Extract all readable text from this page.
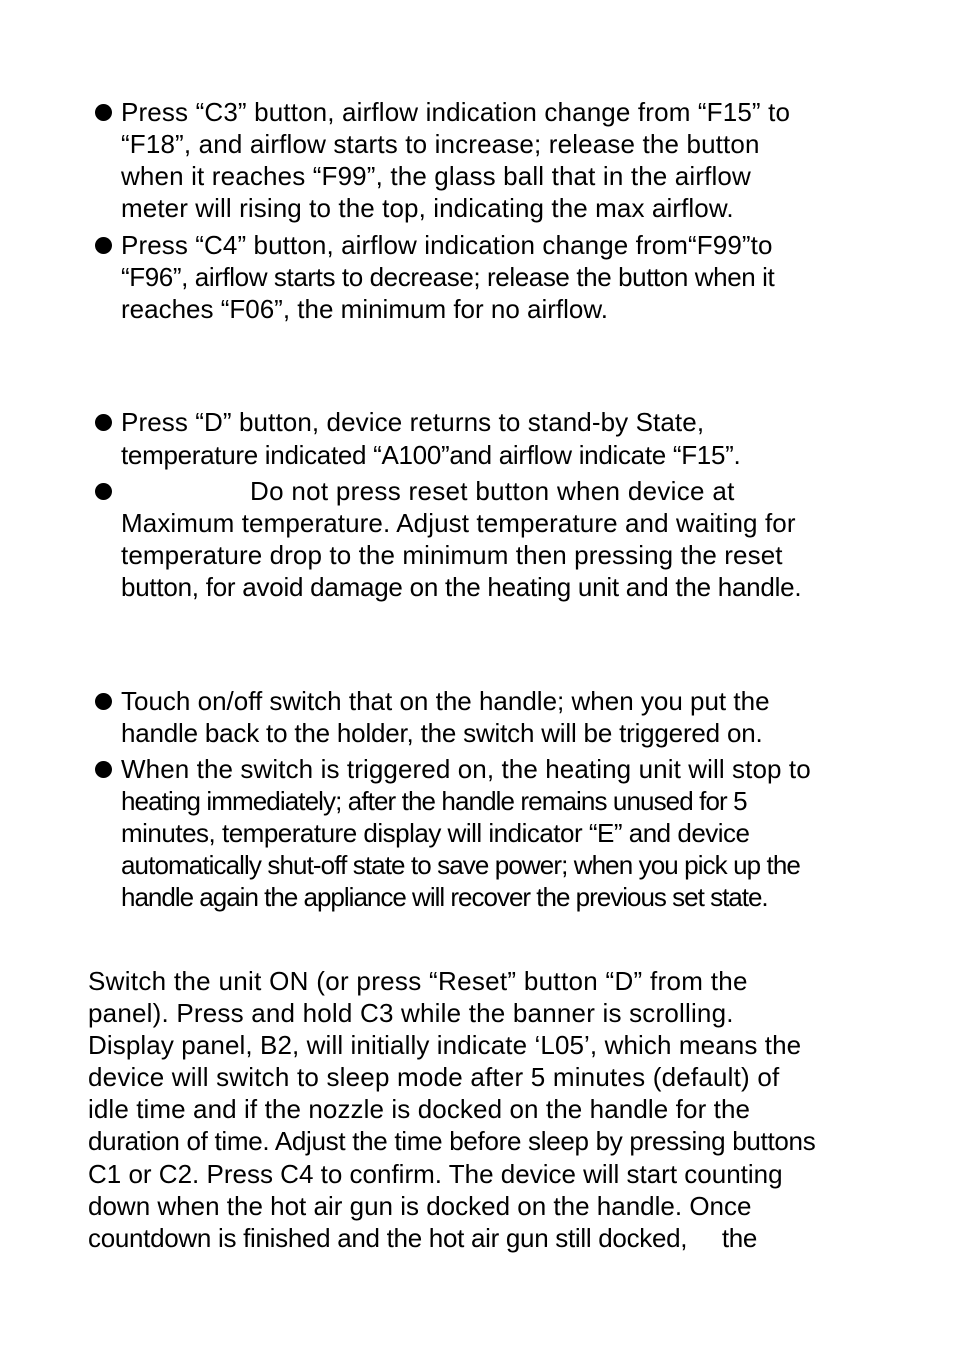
Press “C3” button, airflow indication change from “F15” to
“F18”, and airflow starts to increase; release the button
when it reaches “F99”, the glass ball that in the airflow
meter will rising to the top, indicating the max airflow.
Press “C4” button, airflow indication change from“F99”to
“F96”, airflow starts to decrease; release the button when it
reaches “F06”, the minimum for no airflow.
Press “D” button, device returns to stand-by State,
temperature indicated “A100”and airflow indicate “F15”.
Do not press reset button when device at
Maximum temperature. Adjust temperature and waiting for
temperature drop to the minimum then pressing the reset
button, for avoid damage on the heating unit and the handle.
Touch on/off switch that on the handle; when you put the
handle back to the holder, the switch will be triggered on.
When the switch is triggered on, the heating unit will stop to
heating immediately; after the handle remains unused for 5
minutes, temperature display will indicator “E” and device
automatically shut-off state to save power; when you pick up the
handle again the appliance will recover the previous set state.
Switch the unit ON (or press “Reset” button “D” from the
panel). Press and hold C3 while the banner is scrolling.
Display panel, B2, will initially indicate ‘L05’, which means the
device will switch to sleep mode after 5 minutes (default) of
idle time and if the nozzle is docked on the handle for the
duration of time. Adjust the time before sleep by pressing buttons
C1 or C2. Press C4 to confirm. The device will start counting
down when the hot air gun is docked on the handle. Once
countdown is finished and the hot air gun still docked,     the
